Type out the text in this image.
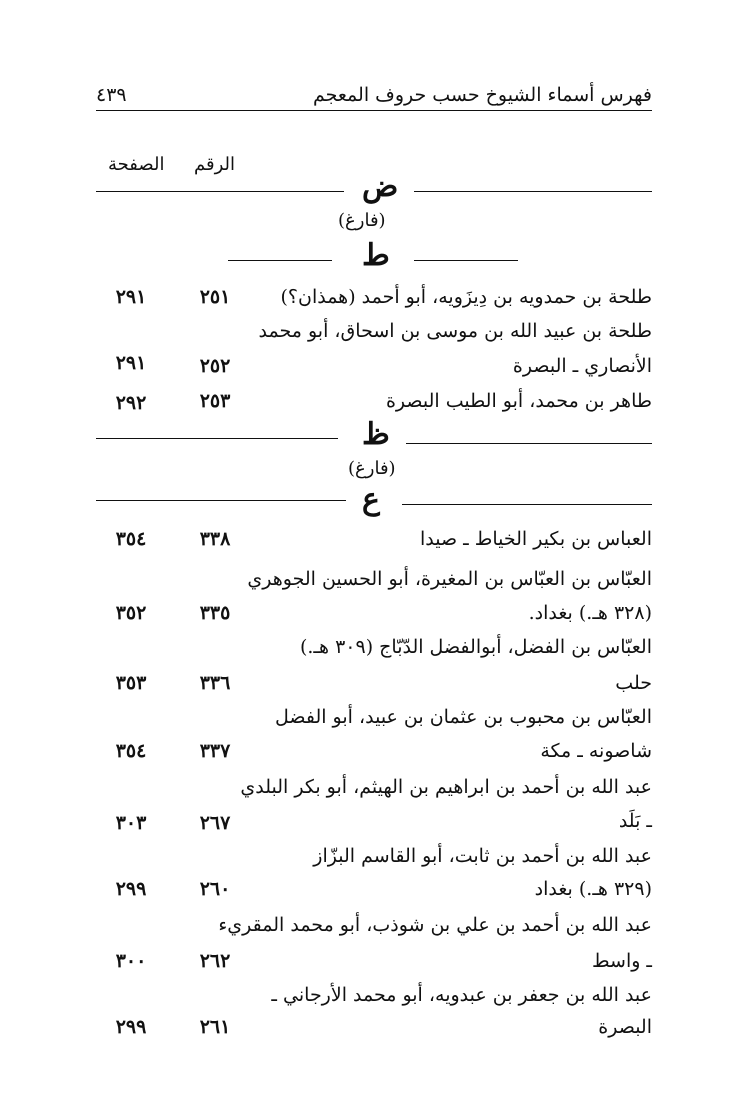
فهرس أسماء الشيوخ حسب حروف المعجم
٤٣٩
الرقم
الصفحة
ض
(فارغ)
ط
طلحة بن حمدويه بن دِيزَويه، أبو أحمد (همذان؟)
٢٥١
٢٩١
طلحة بن عبيد الله بن موسى بن اسحاق، أبو محمد
الأنصاري ـ البصرة
٢٥٢
٢٩١
طاهر بن محمد، أبو الطيب البصرة
٢٥٣
٢٩٢
ظ
(فارغ)
ع
العباس بن بكير الخياط ـ صيدا
٣٣٨
٣٥٤
العبّاس بن العبّاس بن المغيرة، أبو الحسين الجوهري
(٣٢٨ هـ.) بغداد.
٣٣٥
٣٥٢
العبّاس بن الفضل، أبوالفضل الدّبّاج (٣٠٩ هـ.)
حلب
٣٣٦
٣٥٣
العبّاس بن محبوب بن عثمان بن عبيد، أبو الفضل
شاصونه ـ مكة
٣٣٧
٣٥٤
عبد الله بن أحمد بن ابراهيم بن الهيثم، أبو بكر البلدي
ـ بَلَد
٢٦٧
٣٠٣
عبد الله بن أحمد بن ثابت، أبو القاسم البزّاز
(٣٢٩ هـ.) بغداد
٢٦٠
٢٩٩
عبد الله بن أحمد بن علي بن شوذب، أبو محمد المقريء
ـ واسط
٢٦٢
٣٠٠
عبد الله بن جعفر بن عبدويه، أبو محمد الأرجاني ـ
البصرة
٢٦١
٢٩٩
